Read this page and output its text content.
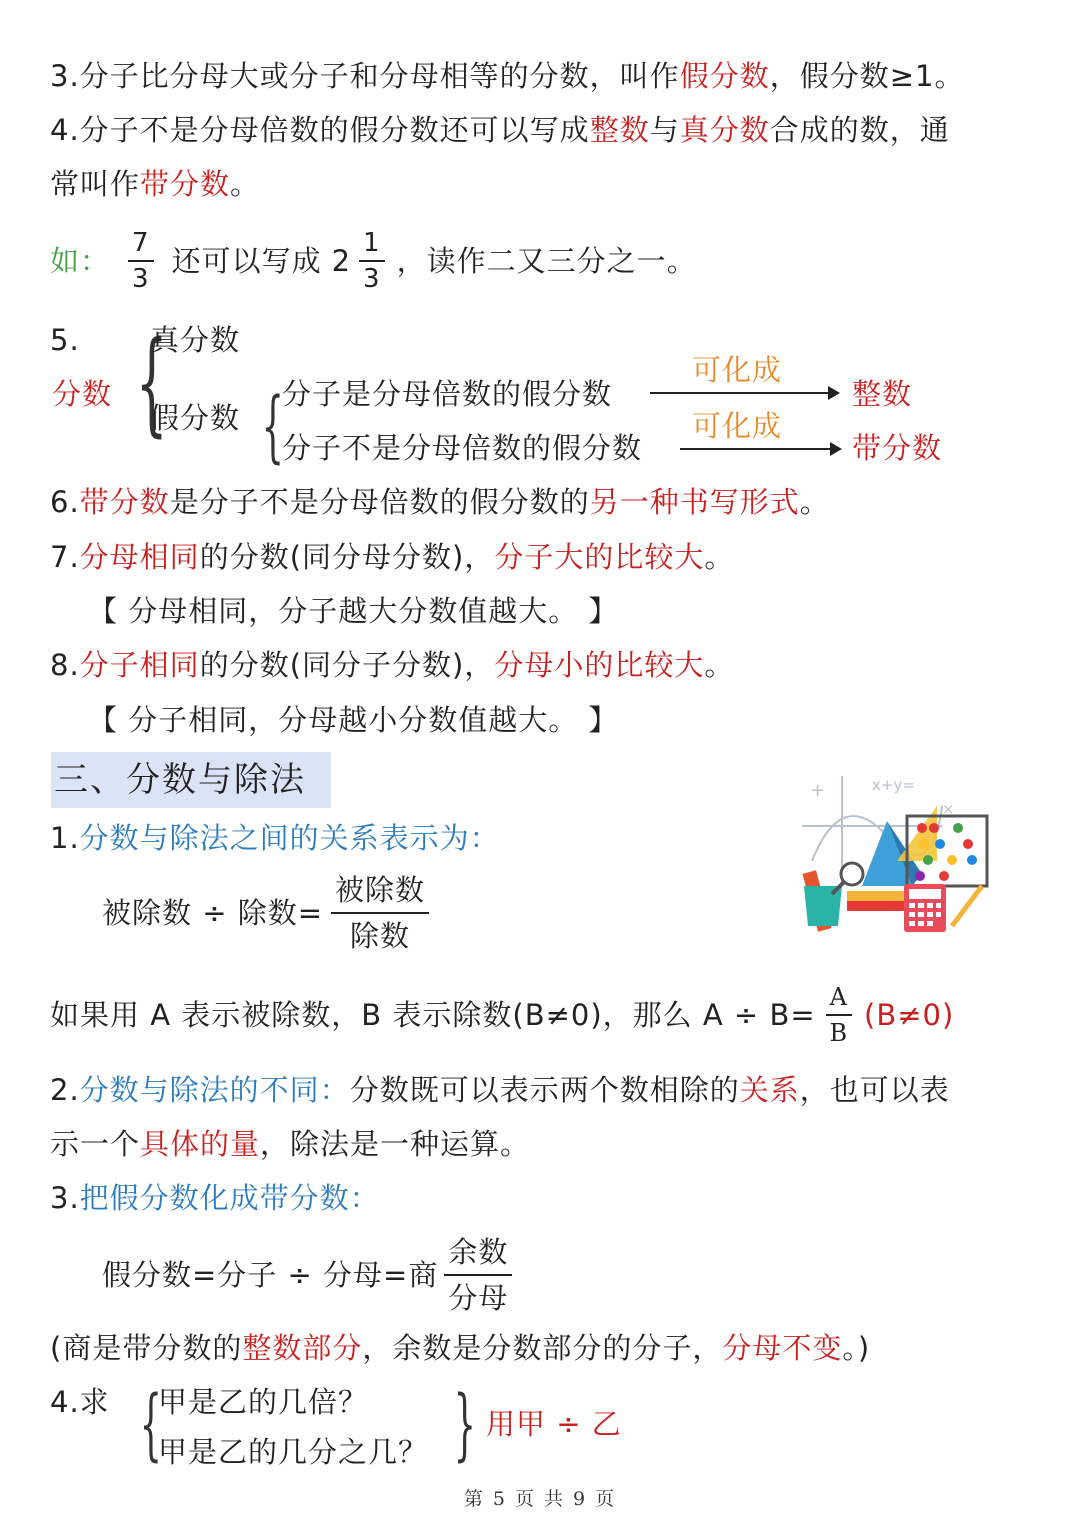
3.分子比分母大或分子和分母相等的分数，叫作假分数，假分数≥1。
4.分子不是分母倍数的假分数还可以写成整数与真分数合成的数，通
常叫作带分数。
如： $\frac{7}{3}$ 还可以写成 $2 \frac{1}{3}$ ，读作二又三分之一。
5.
分数 {
真分数
假分数 {
分子是分母倍数的假分数
分子不是分母倍数的假分数
可化成
整数
可化成
带分数
6.带分数是分子不是分母倍数的假分数的另一种书写形式。
7.分母相同的分数(同分母分数)，分子大的比较大。
【 分母相同，分子越大分数值越大。 】
8.分子相同的分数(同分子分数)，分母小的比较大。
【 分子相同，分母越小分数值越大。 】
三、分数与除法	+	x+y=
×
1.分数与除法之间的关系表示为：
被除数 ÷ 除数= $\frac{\text{被除数}}{\text{除数}}$
如果用 A 表示被除数，B 表示除数(B≠0)，那么 $A \div B= \frac{A}{B} (B\ne 0)$
2.分数与除法的不同：分数既可以表示两个数相除的关系，也可以表
示一个具体的量，除法是一种运算。
3.把假分数化成带分数：
假分数=分子 ÷ 分母=商 $\frac{\text{余数}}{\text{分母}}$
(商是带分数的整数部分，余数是分数部分的分子，分母不变。)
4.求 {
甲是乙的几倍？
甲是乙的几分之几？ } 用甲 ÷ 乙
第 5 页 共 9 页
